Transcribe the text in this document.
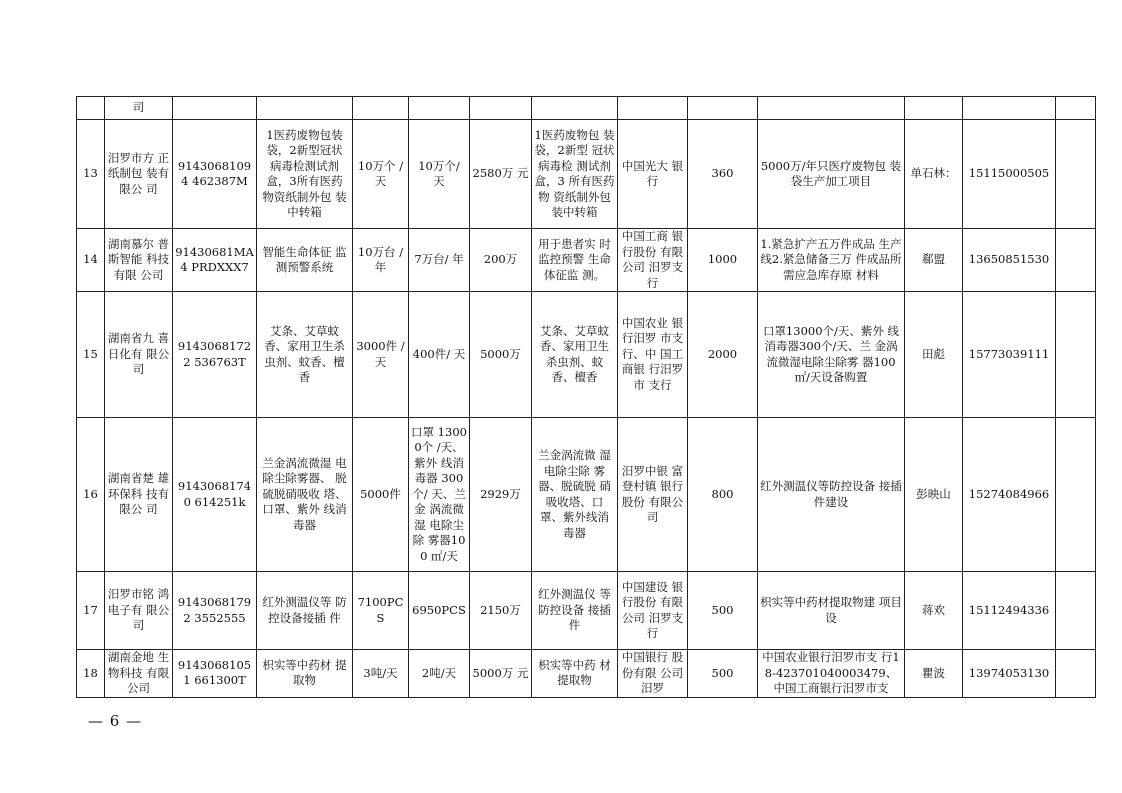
	司												
13	汨罗市方 正纸制包 装有限公 司	91430681094 462387M	1医药废物包装 袋，2新型冠状 病毒检测试剂 盒，3所有医药 物资纸制外包 装中转箱	10万个 /天	10万个/ 天	2580万 元	1医药废物包 装袋，2新型 冠状病毒检 测试剂盒，3 所有医药物 资纸制外包 装中转箱	中国光大 银行	360	5000万/年只医疗废物包 装袋生产加工项目	单石林：	15115000505	
14	湖南慕尔 普斯智能 科技有限 公司	91430681MA4 PRDXXX7	智能生命体征 监测预警系统	10万台 /年	7万台/ 年	200万	用于患者实 时监控预警 生命体征监 测。	中国工商 银行股份 有限公司 汨罗支行	1000	1.紧急扩产五万件成品 生产线2.紧急储备三万 件成品所需应急库存原 材料	郗盟	13650851530	
15	湖南省九 喜日化有 限公司	91430681722 536763T	艾条、艾草蚊 香、家用卫生杀 虫剂、蚊香、檀 香	3000件 /天	400件/ 天	5000万	艾条、艾草蚊 香、家用卫生 杀虫剂、蚊 香、檀香	中国农业 银行汨罗 市支行、中 国工商银 行汨罗市 支行	2000	口罩13000个/天、紫外 线消毒器300个/天、兰 金涡流微湿电除尘除雾 器100㎡/天设备购置	田彪	15773039111	
16	湖南省楚 雄环保科 技有限公 司	91430681740 614251k	兰金涡流微湿 电除尘除雾器、 脱硫脱硝吸收 塔、口罩、紫外 线消毒器	5000件	口罩 13000个 /天、紫外 线消毒器 300个/ 天、兰金 涡流微湿 电除尘除 雾器100 ㎡/天	2929万	兰金涡流微 湿电除尘除 雾器、脱硫脱 硝吸收塔、口 罩、紫外线消 毒器	汨罗中银 富登村镇 银行股份 有限公司	800	红外测温仪等防控设备 接插件建设	彭映山	15274084966	
17	汨罗市铭 鸿电子有 限公司	91430681792 3552555	红外测温仪等 防控设备接插 件	7100PCS	6950PCS	2150万	红外测温仪 等防控设备 接插件	中国建设 银行股份 有限公司 汨罗支行	500	枳实等中药材提取物建 项目设	蒋欢	15112494336	
18	湖南金地 生物科技 有限公司	91430681051 661300T	枳实等中药材 提取物	3吨/天	2吨/天	5000万 元	枳实等中药 材提取物	中国银行 股份有限 公司汨罗	500	中国农业银行汨罗市支 行18-423701040003479、 中国工商银行汨罗市支	瞿波	13974053130	
— 6 —
